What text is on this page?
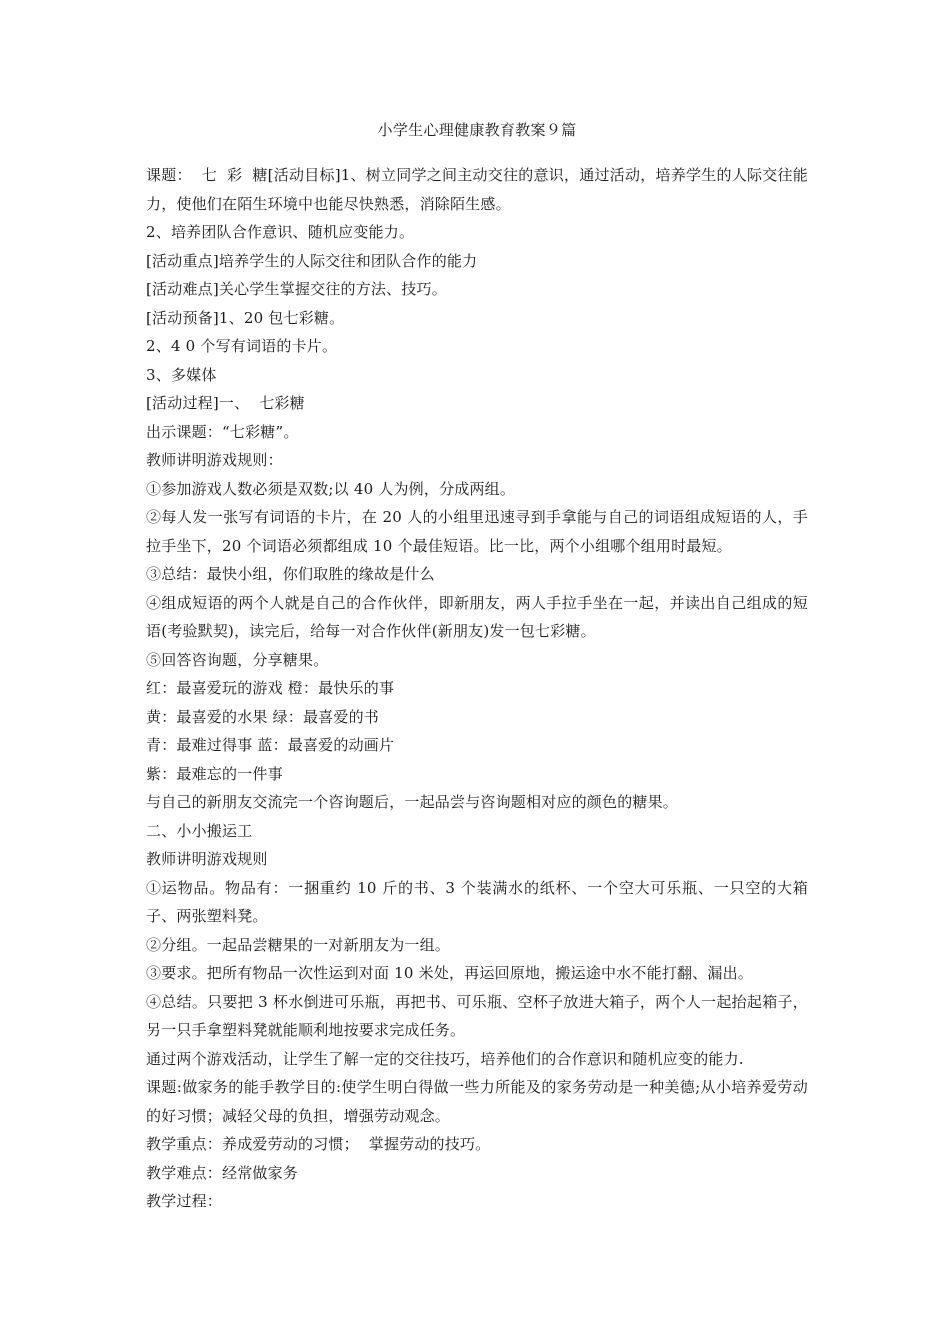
小学生心理健康教育教案９篇

课题：  七  彩  糖[活动目标]1、树立同学之间主动交往的意识，通过活动，培养学生的人际交往能力，使他们在陌生环境中也能尽快熟悉，消除陌生感。

2、培养团队合作意识、随机应变能力。

[活动重点]培养学生的人际交往和团队合作的能力

[活动难点]关心学生掌握交往的方法、技巧。

[活动预备]1、20 包七彩糖。

2、4 0 个写有词语的卡片。

3、多媒体

[活动过程]一、  七彩糖

出示课题：“七彩糖”。

教师讲明游戏规则：

①参加游戏人数必须是双数;以 40 人为例，分成两组。

②每人发一张写有词语的卡片，在 20 人的小组里迅速寻到手拿能与自己的词语组成短语的人，手拉手坐下，20 个词语必须都组成 10 个最佳短语。比一比，两个小组哪个组用时最短。

③总结：最快小组，你们取胜的缘故是什么

④组成短语的两个人就是自己的合作伙伴，即新朋友，两人手拉手坐在一起，并读出自己组成的短语(考验默契)，读完后，给每一对合作伙伴(新朋友)发一包七彩糖。

⑤回答咨询题，分享糖果。

红：最喜爱玩的游戏 橙：最快乐的事

黄：最喜爱的水果 绿：最喜爱的书

青：最难过得事 蓝：最喜爱的动画片

紫：最难忘的一件事

与自己的新朋友交流完一个咨询题后，一起品尝与咨询题相对应的颜色的糖果。

二、小小搬运工

教师讲明游戏规则

①运物品。物品有：一捆重约 10 斤的书、3 个装满水的纸杯、一个空大可乐瓶、一只空的大箱子、两张塑料凳。

②分组。一起品尝糖果的一对新朋友为一组。

③要求。把所有物品一次性运到对面 10 米处，再运回原地，搬运途中水不能打翻、漏出。

④总结。只要把 3 杯水倒进可乐瓶，再把书、可乐瓶、空杯子放进大箱子，两个人一起抬起箱子，另一只手拿塑料凳就能顺利地按要求完成任务。

通过两个游戏活动，让学生了解一定的交往技巧，培养他们的合作意识和随机应变的能力.

课题:做家务的能手教学目的:使学生明白得做一些力所能及的家务劳动是一种美德;从小培养爱劳动的好习惯；减轻父母的负担，增强劳动观念。

教学重点：养成爱劳动的习惯；  掌握劳动的技巧。

教学难点：经常做家务

教学过程：
